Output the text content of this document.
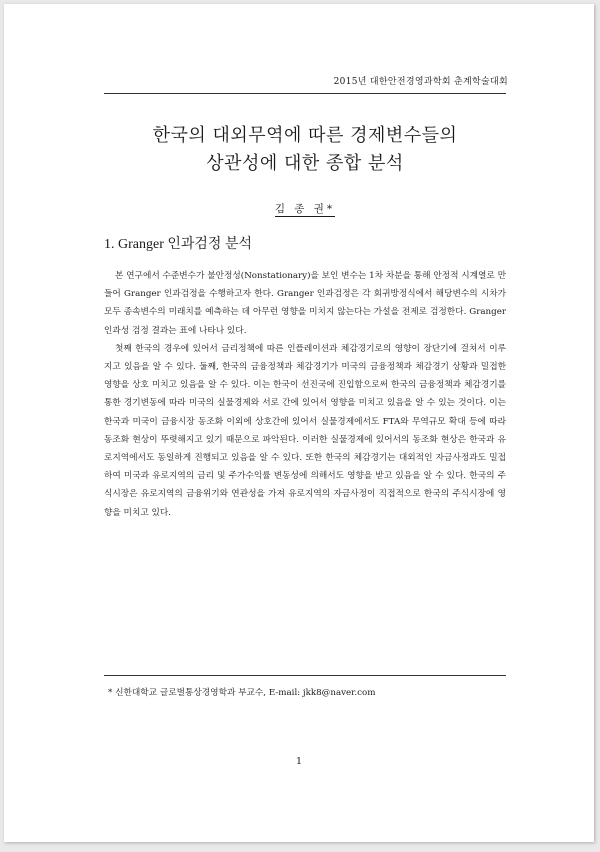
2015년 대한안전경영과학회 춘계학술대회
한국의 대외무역에 따른 경제변수들의
상관성에 대한 종합 분석
김 종 권*
1. Granger 인과검정 분석

본 연구에서 수준변수가 불안정성(Nonstationary)을 보인 변수는 1차 차분을 통해 안정적 시계열로 만들어 Granger 인과검정을 수행하고자 한다. Granger 인과검정은 각 회귀방정식에서 해당변수의 시차가 모두 종속변수의 미래치를 예측하는 데 아무런 영향을 미치지 않는다는 가설을 전제로 검정한다. Granger 인과성 검정 결과는 표에 나타나 있다.

첫째 한국의 경우에 있어서 금리정책에 따른 인플레이션과 체감경기로의 영향이 장단기에 걸쳐서 이루지고 있음을 알 수 있다. 둘째, 한국의 금융정책과 체감경기가 미국의 금융정책과 체감경기 상황과 밀접한 영향을 상호 미치고 있음을 알 수 있다. 이는 한국이 선진국에 진입함으로써 한국의 금융정책과 체감경기를 통한 경기변동에 따라 미국의 실물경제와 서로 간에 있어서 영향을 미치고 있음을 알 수 있는 것이다. 이는 한국과 미국이 금융시장 동조화 이외에 상호간에 있어서 실물경제에서도 FTA와 무역규모 확대 등에 따라 동조화 현상이 뚜렷해지고 있기 때문으로 파악된다. 이러한 실물경제에 있어서의 동조화 현상은 한국과 유로지역에서도 동일하게 진행되고 있음을 알 수 있다. 또한 한국의 체감경기는 대외적인 자금사정과도 밀접하여 미국과 유로지역의 금리 및 주가수익률 변동성에 의해서도 영향을 받고 있음을 알 수 있다. 한국의 주식시장은 유로지역의 금융위기와 연관성을 가져 유로지역의 자금사정이 직접적으로 한국의 주식시장에 영향을 미치고 있다.

* 신한대학교 글로벌통상경영학과 부교수, E-mail: jkk8@naver.com
1
